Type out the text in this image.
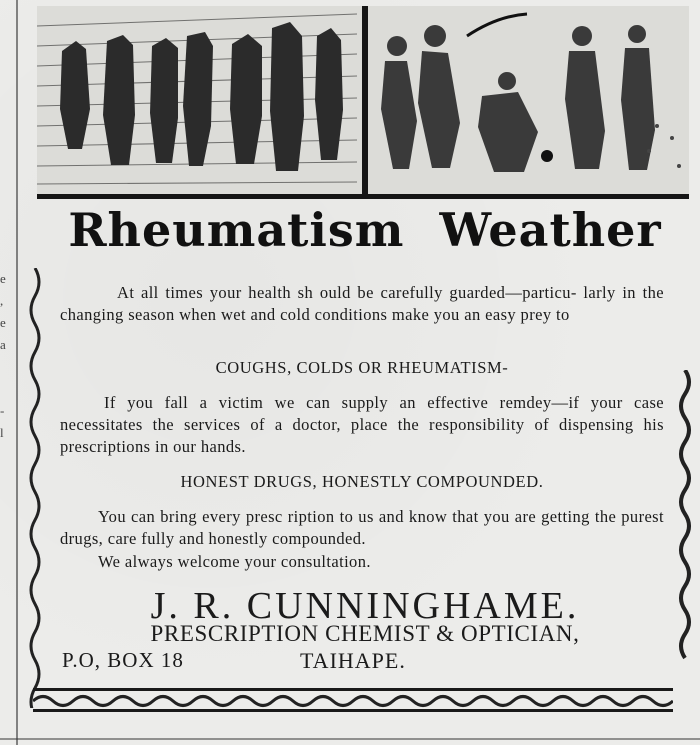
e
,
e
a
-
l
Rheumatism Weather
At all times your health sh ould be carefully guarded—particu- larly in the changing season when wet and cold conditions make you an easy prey to
COUGHS, COLDS OR RHEUMATISM-
If you fall a victim we can supply an effective remdey—if your case necessitates the services of a doctor, place the responsibility of dispensing his prescriptions in our hands.
HONEST DRUGS, HONESTLY COMPOUNDED.
You can bring every presc ription to us and know that you are getting the purest drugs, care fully and honestly compounded.
We always welcome your consultation.
J. R. CUNNINGHAME.
PRESCRIPTION CHEMIST & OPTICIAN,
P.O, BOX 18	TAIHAPE.
